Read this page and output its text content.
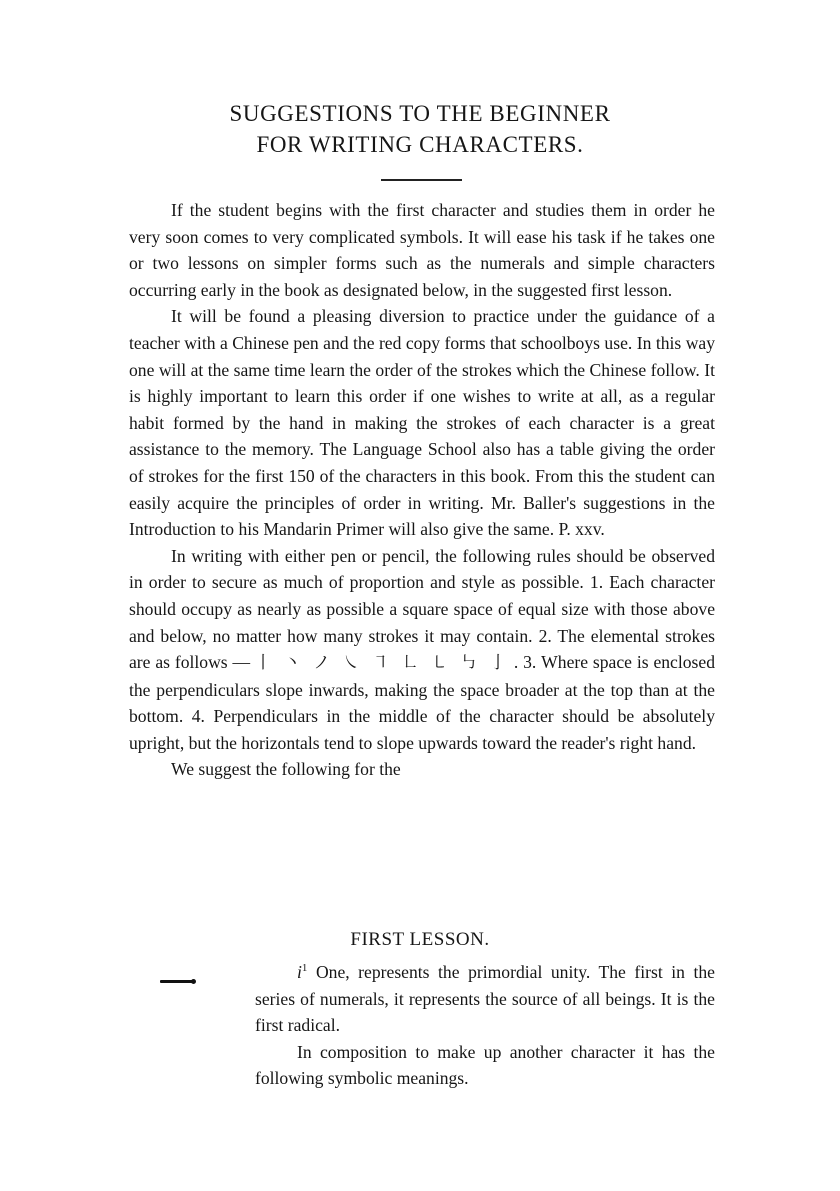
SUGGESTIONS TO THE BEGINNER
FOR WRITING CHARACTERS.

If the student begins with the first character and studies them in order he very soon comes to very complicated symbols. It will ease his task if he takes one or two lessons on simpler forms such as the numerals and simple characters occurring early in the book as designated below, in the suggested first lesson.

It will be found a pleasing diversion to practice under the guidance of a teacher with a Chinese pen and the red copy forms that schoolboys use. In this way one will at the same time learn the order of the strokes which the Chinese follow. It is highly important to learn this order if one wishes to write at all, as a regular habit formed by the hand in making the strokes of each character is a great assistance to the memory. The Language School also has a table giving the order of strokes for the first 150 of the characters in this book. From this the student can easily acquire the principles of order in writing. Mr. Baller's suggestions in the Introduction to his Mandarin Primer will also give the same. P. xxv.

In writing with either pen or pencil, the following rules should be observed in order to secure as much of proportion and style as possible. 1. Each character should occupy as nearly as possible a square space of equal size with those above and below, no matter how many strokes it may contain. 2. The elemental strokes are as follows — 丨 丶 ノ ㇏ ㇕ ㇗ ㇄ ㇉ 亅 . 3. Where space is enclosed the perpendiculars slope inwards, making the space broader at the top than at the bottom. 4. Perpendiculars in the middle of the character should be absolutely upright, but the horizontals tend to slope upwards toward the reader's right hand.

We suggest the following for the

FIRST LESSON.

$i^1$ One, represents the primordial unity. The first in the series of numerals, it represents the source of all beings. It is the first radical.

In composition to make up another character it has the following symbolic meanings.
